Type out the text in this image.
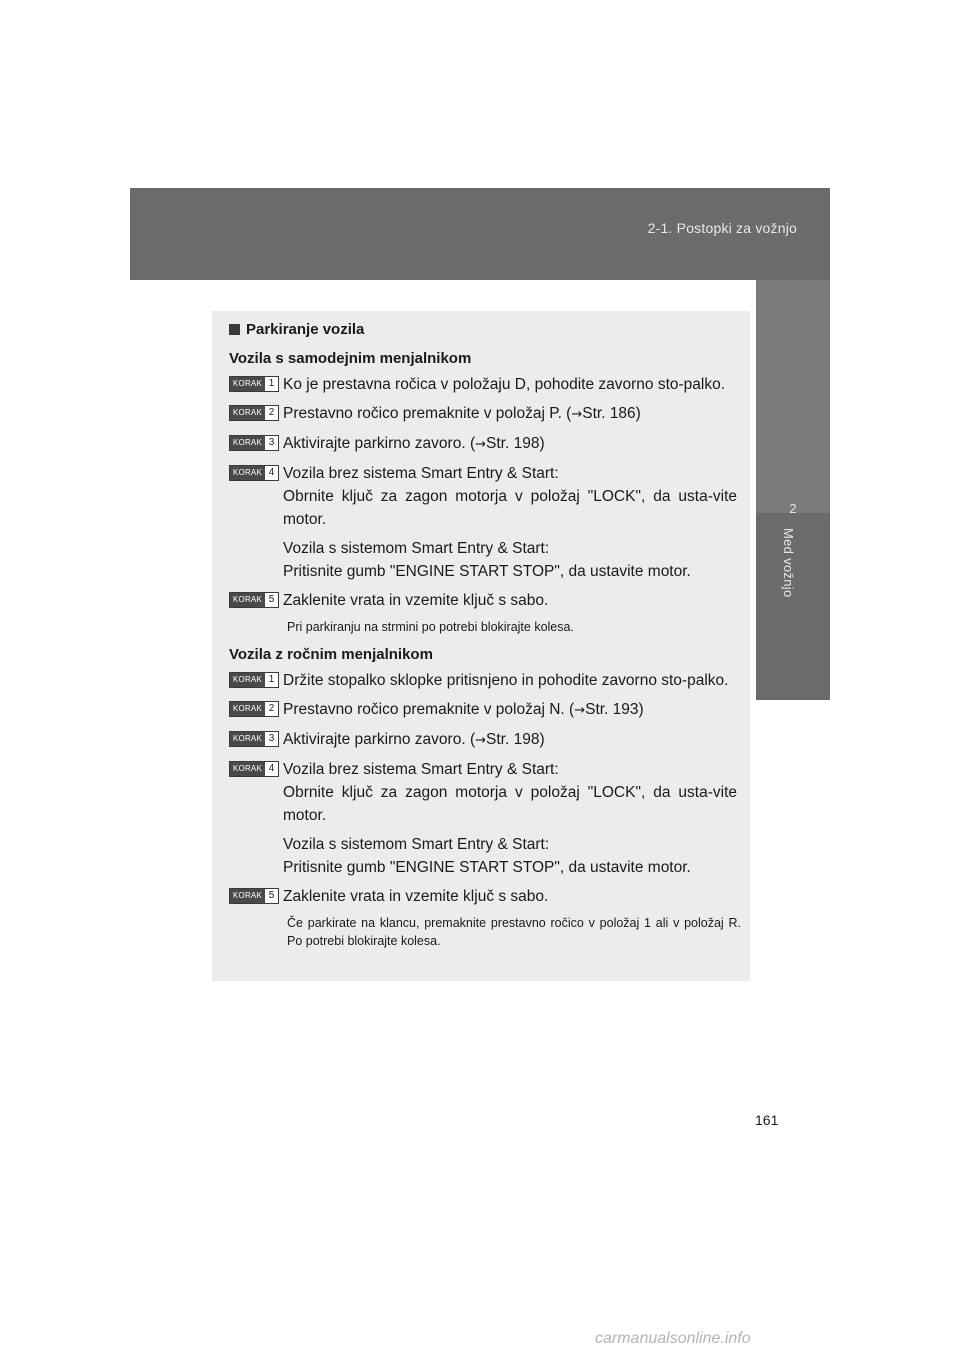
2-1. Postopki za vožnjo
2
Med vožnjo
Parkiranje vozila
Vozila s samodejnim menjalnikom
KORAK 1 Ko je prestavna ročica v položaju D, pohodite zavorno sto-palko.

KORAK 2 Prestavno ročico premaknite v položaj P. (→Str. 186)

KORAK 3 Aktivirajte parkirno zavoro. (→Str. 198)

KORAK 4 Vozila brez sistema Smart Entry & Start:
Obrnite ključ za zagon motorja v položaj "LOCK", da usta-vite motor.

Vozila s sistemom Smart Entry & Start:
Pritisnite gumb "ENGINE START STOP", da ustavite motor.

KORAK 5 Zaklenite vrata in vzemite ključ s sabo.

Pri parkiranju na strmini po potrebi blokirajte kolesa.
Vozila z ročnim menjalnikom
KORAK 1 Držite stopalko sklopke pritisnjeno in pohodite zavorno sto-palko.

KORAK 2 Prestavno ročico premaknite v položaj N. (→Str. 193)

KORAK 3 Aktivirajte parkirno zavoro. (→Str. 198)

KORAK 4 Vozila brez sistema Smart Entry & Start:
Obrnite ključ za zagon motorja v položaj "LOCK", da usta-vite motor.

Vozila s sistemom Smart Entry & Start:
Pritisnite gumb "ENGINE START STOP", da ustavite motor.

KORAK 5 Zaklenite vrata in vzemite ključ s sabo.

Če parkirate na klancu, premaknite prestavno ročico v položaj 1 ali v položaj R. Po potrebi blokirajte kolesa.
161
carmanualsonline.info
